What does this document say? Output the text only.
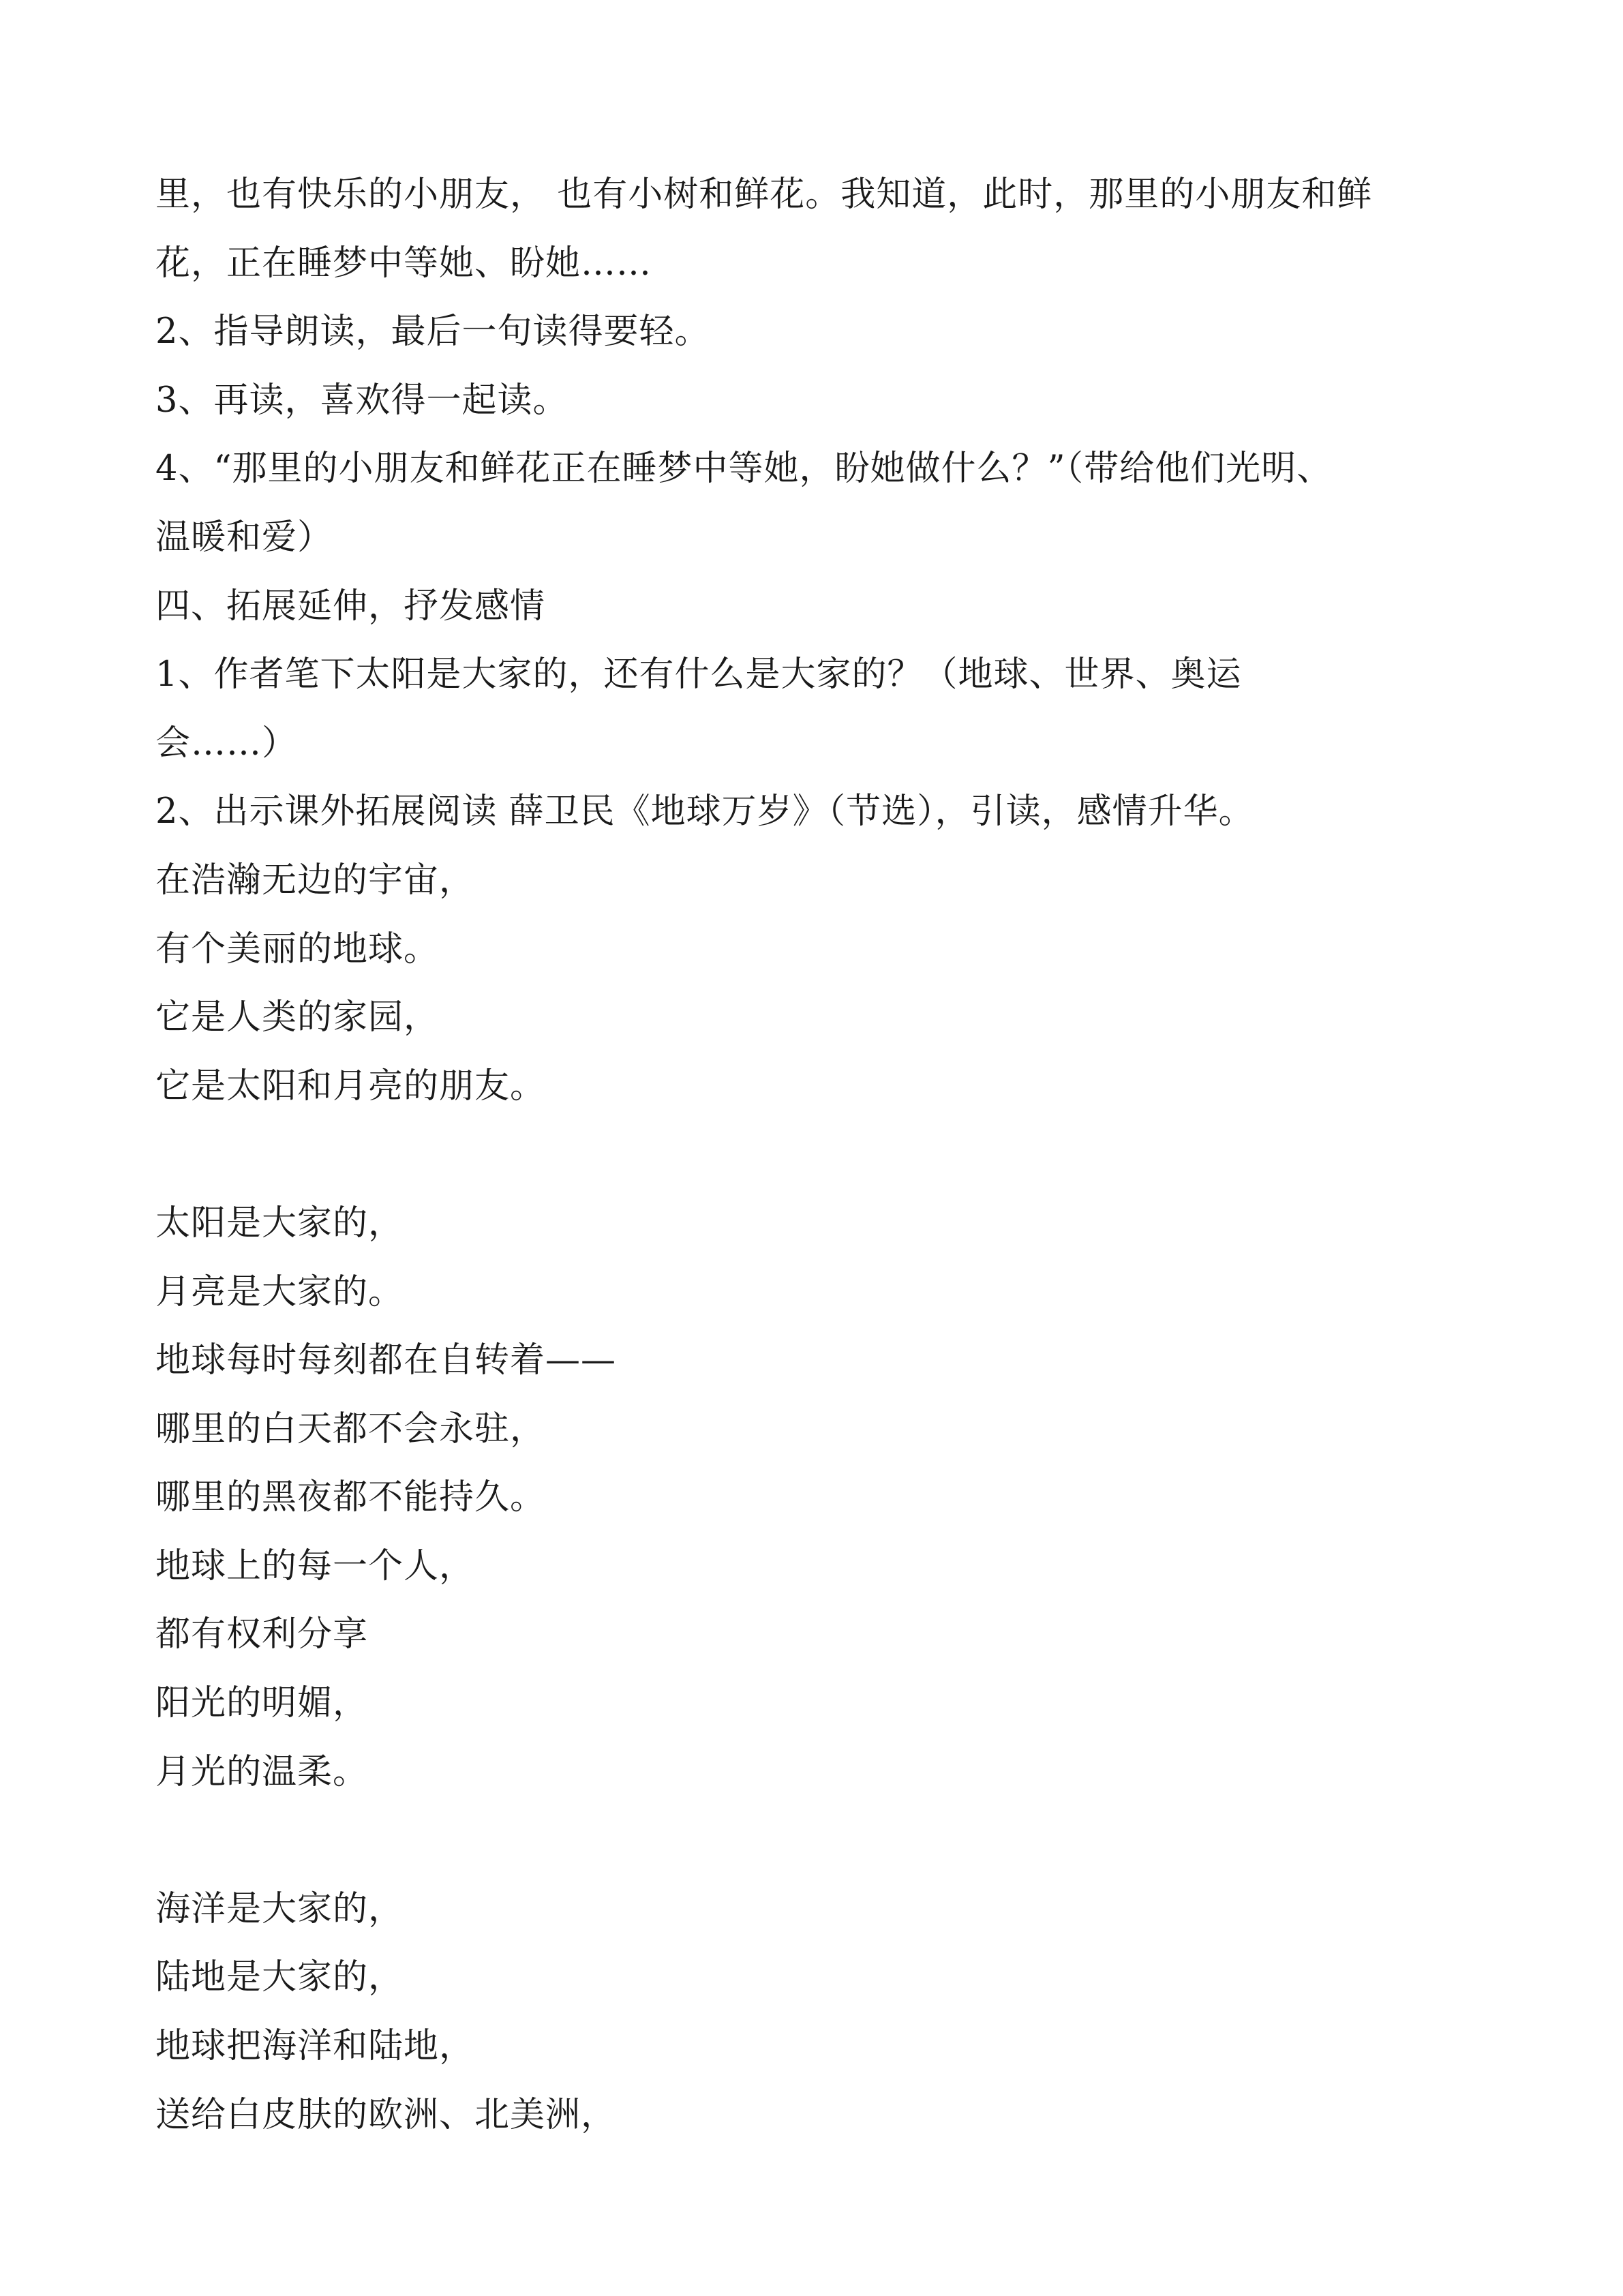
里，也有快乐的小朋友， 也有小树和鲜花。我知道，此时，那里的小朋友和鲜
花，正在睡梦中等她、盼她……
2、指导朗读，最后一句读得要轻。
3、再读，喜欢得一起读。
4、“那里的小朋友和鲜花正在睡梦中等她，盼她做什么？”（带给他们光明、
温暖和爱）
四、拓展延伸，抒发感情
1、作者笔下太阳是大家的，还有什么是大家的？（地球、世界、奥运
会……）
2、出示课外拓展阅读 薛卫民《地球万岁》（节选），引读，感情升华。
在浩瀚无边的宇宙，
有个美丽的地球。
它是人类的家园，
它是太阳和月亮的朋友。
太阳是大家的，
月亮是大家的。
地球每时每刻都在自转着——
哪里的白天都不会永驻，
哪里的黑夜都不能持久。
地球上的每一个人，
都有权利分享
阳光的明媚，
月光的温柔。
海洋是大家的，
陆地是大家的，
地球把海洋和陆地，
送给白皮肤的欧洲、北美洲，
